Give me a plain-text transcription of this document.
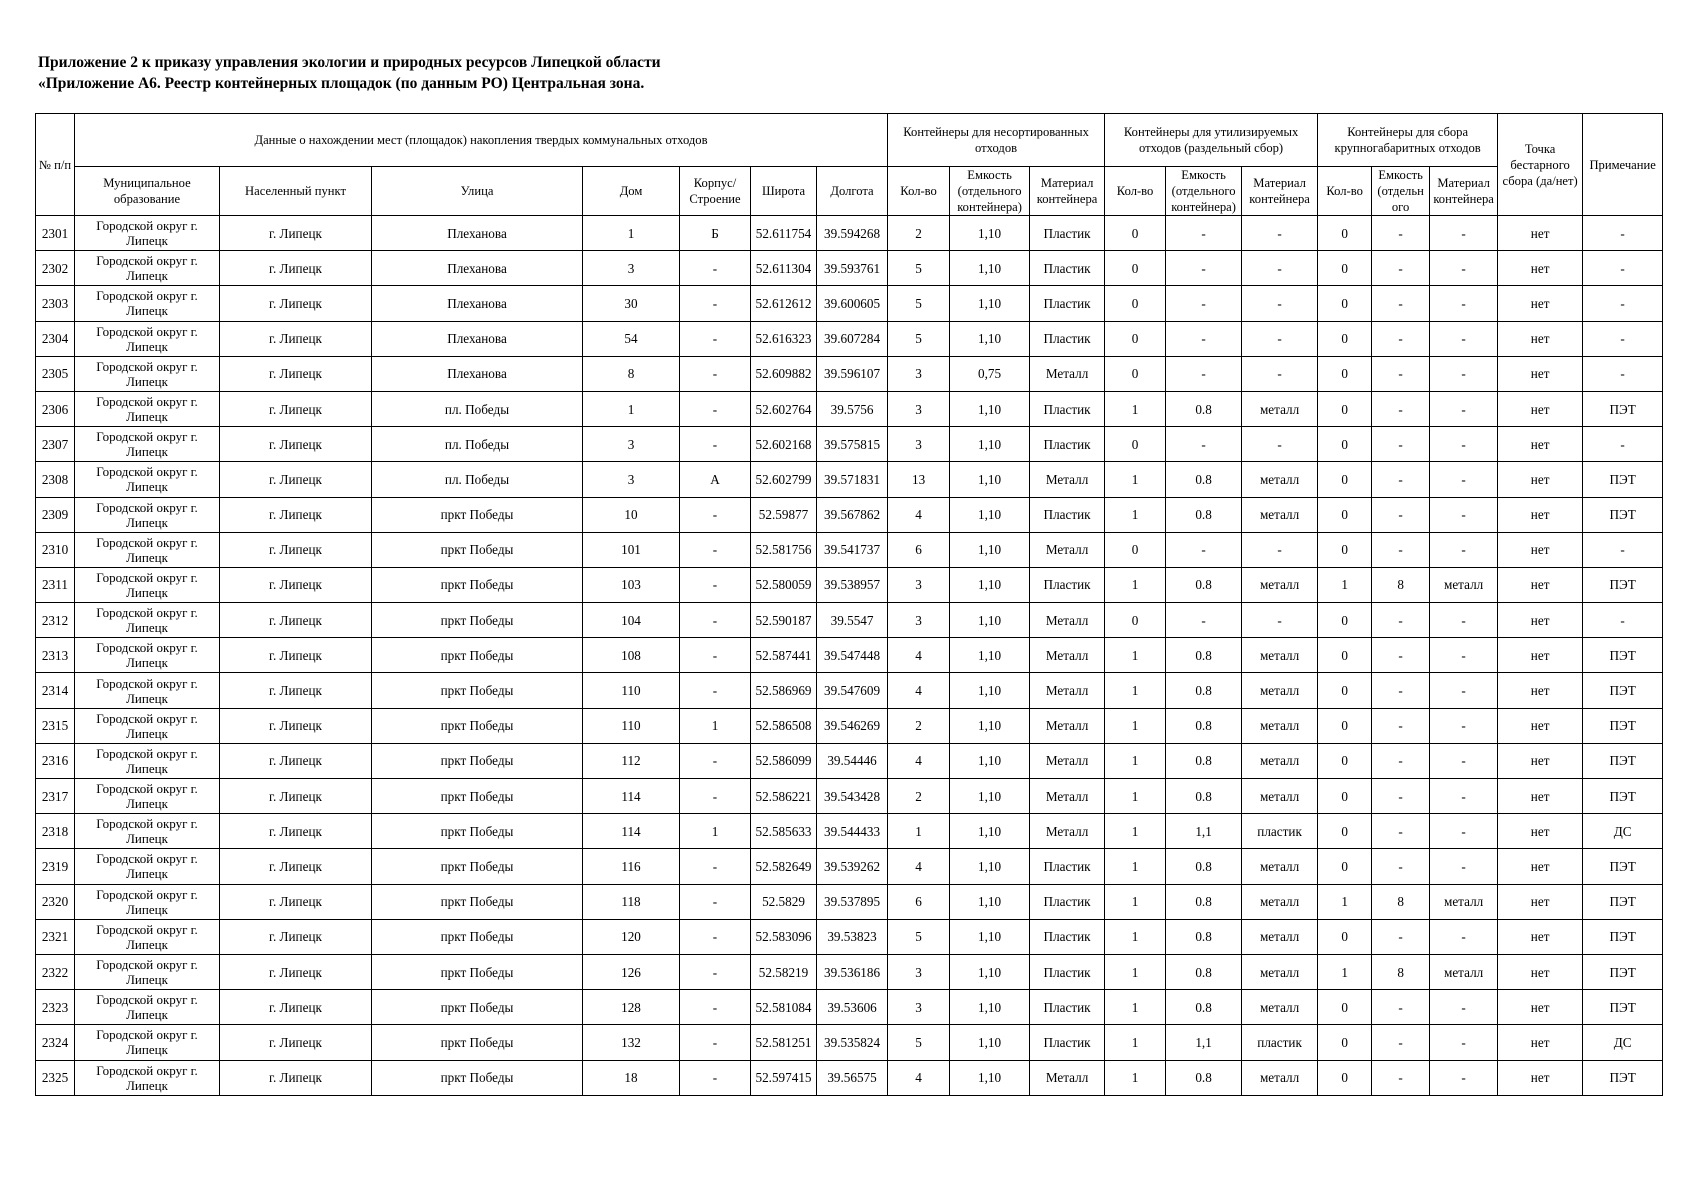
Приложение 2 к приказу управления экологии и природных ресурсов Липецкой области
«Приложение А6. Реестр контейнерных площадок (по данным РО) Центральная зона.
№ п/п	Данные о нахождении мест (площадок) накопления твердых коммунальных отходов							Контейнеры для несортированных отходов			Контейнеры для утилизируемых отходов (раздельный сбор)			Контейнеры для сбора крупногабаритных отходов			Точка бестарного сбора (да/нет)	Примечание
	Муниципальное образование	Населенный пункт	Улица	Дом	Корпус/ Строение	Широта	Долгота	Кол-во	Емкость (отдельного контейнера)	Материал контейнера	Кол-во	Емкость (отдельного контейнера)	Материал контейнера	Кол-во	Емкость (отдельн ого	Материал контейнера		
2301	Городской округ г. Липецк	г. Липецк	Плеханова	1	Б	52.611754	39.594268	2	1,10	Пластик	0	-	-	0	-	-	нет	-
2302	Городской округ г. Липецк	г. Липецк	Плеханова	3	-	52.611304	39.593761	5	1,10	Пластик	0	-	-	0	-	-	нет	-
2303	Городской округ г. Липецк	г. Липецк	Плеханова	30	-	52.612612	39.600605	5	1,10	Пластик	0	-	-	0	-	-	нет	-
2304	Городской округ г. Липецк	г. Липецк	Плеханова	54	-	52.616323	39.607284	5	1,10	Пластик	0	-	-	0	-	-	нет	-
2305	Городской округ г. Липецк	г. Липецк	Плеханова	8	-	52.609882	39.596107	3	0,75	Металл	0	-	-	0	-	-	нет	-
2306	Городской округ г. Липецк	г. Липецк	пл. Победы	1	-	52.602764	39.5756	3	1,10	Пластик	1	0.8	металл	0	-	-	нет	ПЭТ
2307	Городской округ г. Липецк	г. Липецк	пл. Победы	3	-	52.602168	39.575815	3	1,10	Пластик	0	-	-	0	-	-	нет	-
2308	Городской округ г. Липецк	г. Липецк	пл. Победы	3	А	52.602799	39.571831	13	1,10	Металл	1	0.8	металл	0	-	-	нет	ПЭТ
2309	Городской округ г. Липецк	г. Липецк	пркт Победы	10	-	52.59877	39.567862	4	1,10	Пластик	1	0.8	металл	0	-	-	нет	ПЭТ
2310	Городской округ г. Липецк	г. Липецк	пркт Победы	101	-	52.581756	39.541737	6	1,10	Металл	0	-	-	0	-	-	нет	-
2311	Городской округ г. Липецк	г. Липецк	пркт Победы	103	-	52.580059	39.538957	3	1,10	Пластик	1	0.8	металл	1	8	металл	нет	ПЭТ
2312	Городской округ г. Липецк	г. Липецк	пркт Победы	104	-	52.590187	39.5547	3	1,10	Металл	0	-	-	0	-	-	нет	-
2313	Городской округ г. Липецк	г. Липецк	пркт Победы	108	-	52.587441	39.547448	4	1,10	Металл	1	0.8	металл	0	-	-	нет	ПЭТ
2314	Городской округ г. Липецк	г. Липецк	пркт Победы	110	-	52.586969	39.547609	4	1,10	Металл	1	0.8	металл	0	-	-	нет	ПЭТ
2315	Городской округ г. Липецк	г. Липецк	пркт Победы	110	1	52.586508	39.546269	2	1,10	Металл	1	0.8	металл	0	-	-	нет	ПЭТ
2316	Городской округ г. Липецк	г. Липецк	пркт Победы	112	-	52.586099	39.54446	4	1,10	Металл	1	0.8	металл	0	-	-	нет	ПЭТ
2317	Городской округ г. Липецк	г. Липецк	пркт Победы	114	-	52.586221	39.543428	2	1,10	Металл	1	0.8	металл	0	-	-	нет	ПЭТ
2318	Городской округ г. Липецк	г. Липецк	пркт Победы	114	1	52.585633	39.544433	1	1,10	Металл	1	1,1	пластик	0	-	-	нет	ДС
2319	Городской округ г. Липецк	г. Липецк	пркт Победы	116	-	52.582649	39.539262	4	1,10	Пластик	1	0.8	металл	0	-	-	нет	ПЭТ
2320	Городской округ г. Липецк	г. Липецк	пркт Победы	118	-	52.5829	39.537895	6	1,10	Пластик	1	0.8	металл	1	8	металл	нет	ПЭТ
2321	Городской округ г. Липецк	г. Липецк	пркт Победы	120	-	52.583096	39.53823	5	1,10	Пластик	1	0.8	металл	0	-	-	нет	ПЭТ
2322	Городской округ г. Липецк	г. Липецк	пркт Победы	126	-	52.58219	39.536186	3	1,10	Пластик	1	0.8	металл	1	8	металл	нет	ПЭТ
2323	Городской округ г. Липецк	г. Липецк	пркт Победы	128	-	52.581084	39.53606	3	1,10	Пластик	1	0.8	металл	0	-	-	нет	ПЭТ
2324	Городской округ г. Липецк	г. Липецк	пркт Победы	132	-	52.581251	39.535824	5	1,10	Пластик	1	1,1	пластик	0	-	-	нет	ДС
2325	Городской округ г. Липецк	г. Липецк	пркт Победы	18	-	52.597415	39.56575	4	1,10	Металл	1	0.8	металл	0	-	-	нет	ПЭТ
